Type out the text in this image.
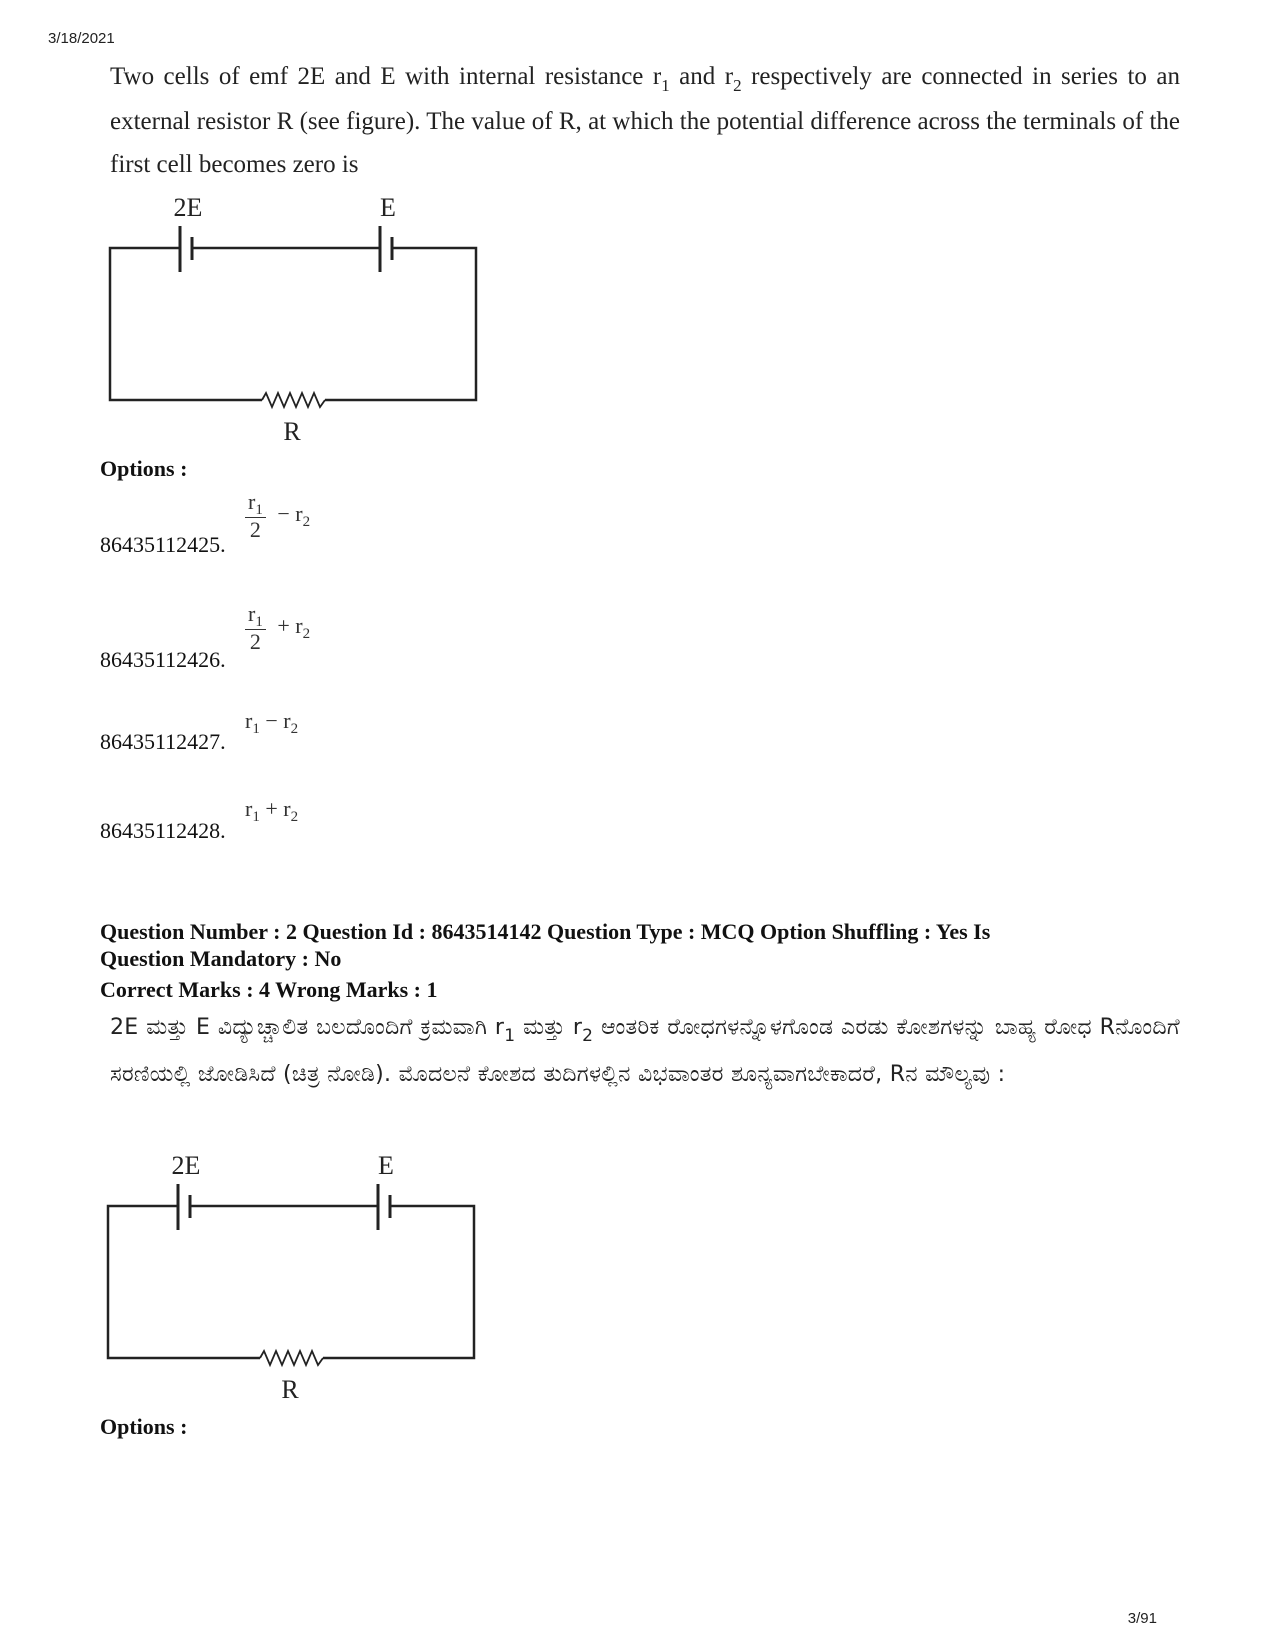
3/18/2021
Two cells of emf 2E and E with internal resistance $r_1$ and $r_2$ respectively are connected in series to an external resistor R (see figure). The value of R, at which the potential difference across the terminals of the first cell becomes zero is
2E	E
R
Options :
86435112425.
$\frac{r_1}{2} - r_2$
86435112426.
$\frac{r_1}{2} + r_2$
86435112427.
$r_1 - r_2$
86435112428.
$r_1 + r_2$
Question Number : 2 Question Id : 8643514142 Question Type : MCQ Option Shuffling : Yes Is
Question Mandatory : No
Correct Marks : 4 Wrong Marks : 1
2E ಮತ್ತು E ವಿದ್ಯುಚ್ಚಾಲಿತ ಬಲದೊಂದಿಗೆ ಕ್ರಮವಾಗಿ $r_1$ ಮತ್ತು $r_2$ ಆಂತರಿಕ ರೋಧಗಳನ್ನೊಳಗೊಂಡ ಎರಡು ಕೋಶಗಳನ್ನು ಬಾಹ್ಯ ರೋಧ Rನೊಂದಿಗೆ ಸರಣಿಯಲ್ಲಿ ಜೋಡಿಸಿದೆ (ಚಿತ್ರ ನೋಡಿ). ಮೊದಲನೆ ಕೋಶದ ತುದಿಗಳಲ್ಲಿನ ವಿಭವಾಂತರ ಶೂನ್ಯವಾಗಬೇಕಾದರೆ, Rನ ಮೌಲ್ಯವು :
2E	E
R
Options :
3/91
